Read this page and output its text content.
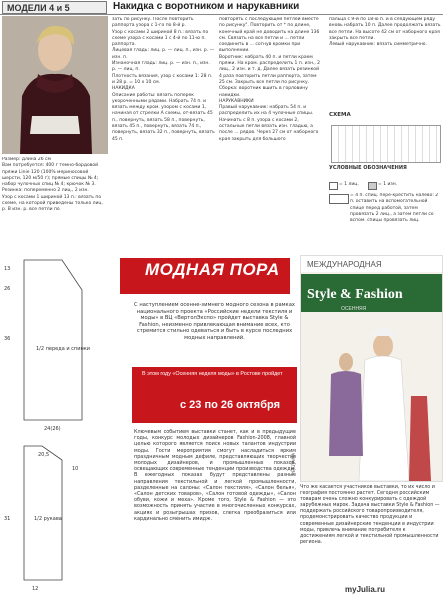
МОДЕЛИ 4 и 5	Накидка с воротником и нарукавники
Размер: длина 26 см
Вам потребуется: 400 г темно-бордовой пряжи Linie 120 (100% мериносовой шерсти, 120 м/50 г); прямые спицы № 4; набор чулочных спиц № 4; крючок № 3.
Резинка: попеременно 2 лиц., 2 изн.
Узор с косами 1 шириной 13 п.: вязать по схеме, на которой приведены только лиц. р. В изн. р. все петли по
зать по рисунку. После повторить раппорта узора с 1-го по 8-й р.
Узор с косами 2 шириной 8 п.: вязать по схеме узора с косами 1 с 4-й по 11-ю п. раппорта.
Лицевая гладь: лиц. р. — лиц. п., изн. р. — изн. п.
Изнаночная гладь: лиц. р. — изн. п., изн. р. — лиц. п.
Плотность вязания, узор с косами 1: 28 п. и 28 р. = 10 х 10 см.
НАКИДКА
Описание работы: вязать поперек укороченными рядами. Набрать 74 п. и вязать между кром. узором с косами 1, начиная от стрелки А схемы, от-вязать 45 п., повернуть, вязать 58 п., повернуть, вязать 45 п., повернуть, вязать 74 п., повернуть, вязать 32 п., повернуть, вязать 45 п.
повторять с последующей петлей вместе по рисунку". Повторить от * по длине, конечный край не доводить на длине 136 см. Связать на все петли и ... петли соединить в ... согнув кромки при выполнении.
Воротник: набрать 40 п. и петли краем пряжи. На кром. распределить 1 п. изн., 2 лиц., 2 изн. и т. д. Далее вязать резинкой 4 раза повторить петли раппорта, затем 25 см. Закрыть все петли по рисунку.
Сборка: воротник вшить в горловину накидки.
НАРУКАВНИКИ
Правый нарукавник: набрать 54 п. и распределить их на 4 чулочные спицы. Начинать с 8 п. узора с косами 2, остальные петли вязать изн. гладью, а после ... рядов. Через 27 см от наборного края закрыть для большого
пальца с 9-й по 18-ю п. и в следующем ряду вновь набрать 10 п. Далее продолжать вязать все петли. На высоте 42 см от наборного края закрыть все петли.
Левый нарукавник: вязать симметрично.
СХЕМА
УСЛОВНЫЕ ОБОЗНАЧЕНИЯ
= 1 лиц.	= 1 изн.
= 4 п. спиц. пере-крестить налево: 2 п. оставить на вспомогательной спице перед работой, затем провязать 2 лиц., а затем петли со вспом. спицы провязать лиц.
1/2 переда и спинки
1/2 рукава
13
26
36
24(26)
20,5
10
31
12
МОДНАЯ ПОРА
С наступлением осенне-зимнего модного сезона в рамках национального проекта «Российские недели текстиля и моды» в ВЦ «ВертолЭкспо» пройдет выставка Style & Fashion, неизменно привлекающая внимание всех, кто стремится стильно одеваться и быть в курсе последних модных направлений.
В этом году «Осенняя неделя моды» в Ростове пройдет
с 23 по 26 октября
Ключевым событием выставки станет, как и в предыдущие годы, конкурс молодых дизайнеров Fashion-2008, главной целью которого является поиск новых талантов индустрии моды. Гости мероприятия смогут насладиться ярким праздничным модным дефиле, представляющих творчество молодых дизайнеров, и промышленных показов, освещающих современные тенденции производства одежды. В ежегодных показах будут представлены разные направления текстильной и легкой промышленности, разделенные на салоны: «Салон текстиля», «Салон белья», «Салон детских товаров», «Салон готовой одежды», «Салон обуви, кожи и меха». Кроме того, Style & Fashion — это возможность принять участие в многочисленных конкурсах, акциях и розыгрышах призов, слегка преобразиться или кардинально сменить имидж.
РЕКЛАМА
МЕЖДУНАРОДНАЯ
Style & Fashion
ОСЕННЯЯ
Что же касается участников выставки, то их число и география постоянно растет. Сегодня российским товарам очень сложно конкурировать с одеждой зарубежных марок. Задача выставки Style & Fashion — поддержать российского товаропроизводителя, продемонстрировать качество продукции и современные дизайнерские тенденции в индустрии моды, привлечь внимание потребителя к достижениям легкой и текстильной промышленности региона.
myJulia.ru
